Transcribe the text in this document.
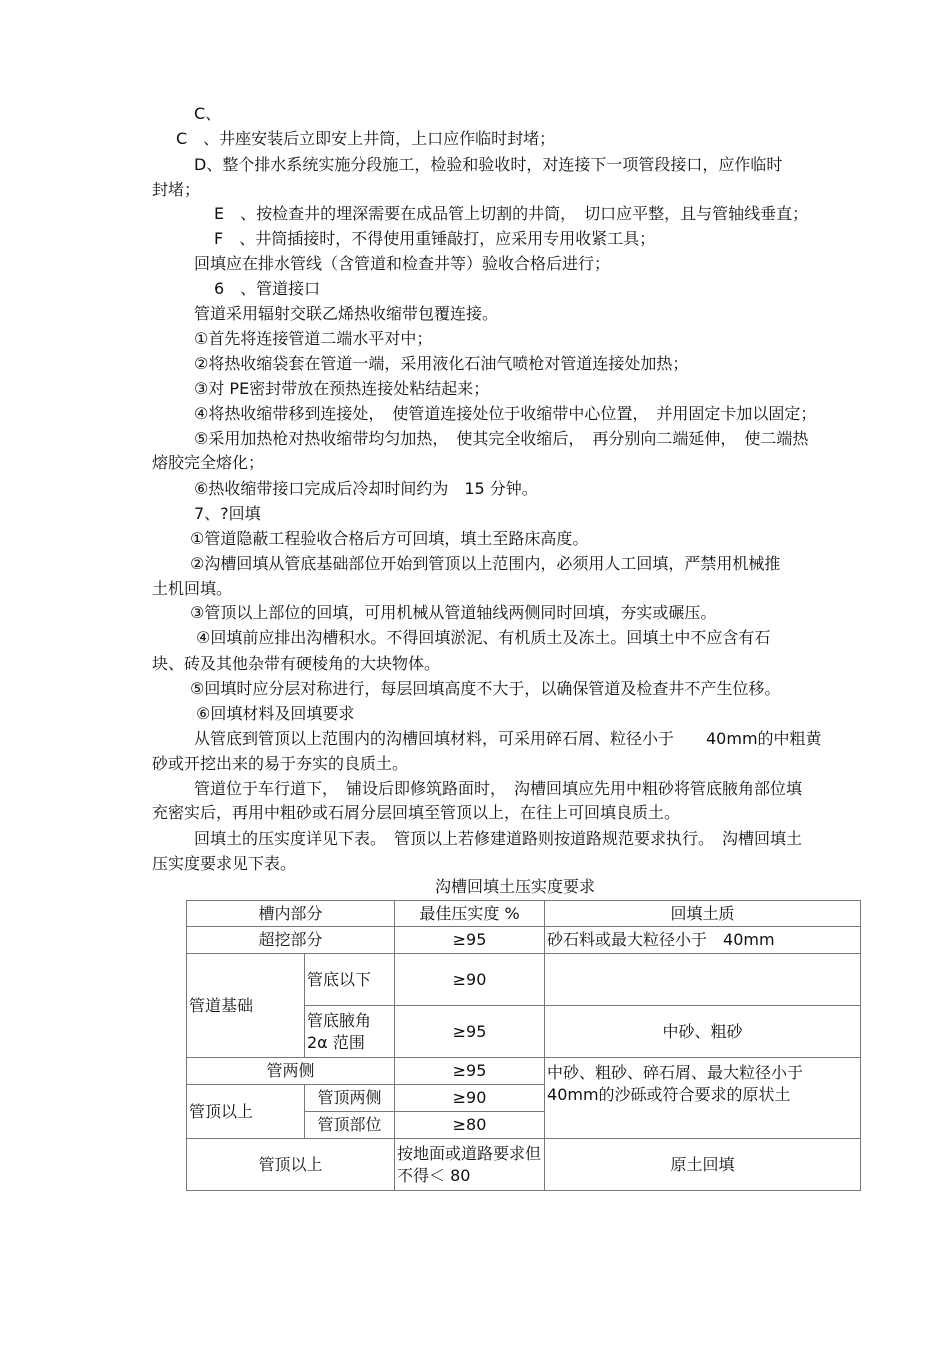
C、
C　、井座安装后立即安上井筒，上口应作临时封堵；
D、整个排水系统实施分段施工，检验和验收时，对连接下一项管段接口，应作临时
封堵；
E　、按检查井的埋深需要在成品管上切割的井筒，　切口应平整，且与管轴线垂直；
F　、井筒插接时，不得使用重锤敲打，应采用专用收紧工具；
回填应在排水管线（含管道和检查井等）验收合格后进行；
6　、管道接口
管道采用辐射交联乙烯热收缩带包覆连接。
①首先将连接管道二端水平对中；
②将热收缩袋套在管道一端，采用液化石油气喷枪对管道连接处加热；
③对 PE密封带放在预热连接处粘结起来；
④将热收缩带移到连接处，　使管道连接处位于收缩带中心位置，　并用固定卡加以固定；
⑤采用加热枪对热收缩带均匀加热，　使其完全收缩后，　再分别向二端延伸，　使二端热
熔胶完全熔化；
⑥热收缩带接口完成后冷却时间约为　15 分钟。
7、?回填
①管道隐蔽工程验收合格后方可回填，填土至路床高度。
②沟槽回填从管底基础部位开始到管顶以上范围内，必须用人工回填，严禁用机械推
土机回填。
③管顶以上部位的回填，可用机械从管道轴线两侧同时回填，夯实或碾压。
④回填前应排出沟槽积水。不得回填淤泥、有机质土及冻土。回填土中不应含有石
块、砖及其他杂带有硬棱角的大块物体。
⑤回填时应分层对称进行，每层回填高度不大于，以确保管道及检查井不产生位移。
⑥回填材料及回填要求
从管底到管顶以上范围内的沟槽回填材料，可采用碎石屑、粒径小于　　40mm的中粗黄
砂或开挖出来的易于夯实的良质土。
管道位于车行道下，　铺设后即修筑路面时，　沟槽回填应先用中粗砂将管底腋角部位填
充密实后，再用中粗砂或石屑分层回填至管顶以上，在往上可回填良质土。
回填土的压实度详见下表。　管顶以上若修建道路则按道路规范要求执行。　沟槽回填土
压实度要求见下表。
沟槽回填土压实度要求
槽内部分		最佳压实度 %	回填土质
超挖部分		≥95	砂石料或最大粒径小于　40mm
管道基础	管底以下	≥90	
	管底腋角 2α 范围	≥95	中砂、粗砂
管两侧		≥95	中砂、粗砂、碎石屑、最大粒径小于　40mm的沙砾或符合要求的原状土
管顶以上	管顶两侧	≥90	
	管顶部位	≥80	
管顶以上		按地面或道路要求但不得＜ 80	原土回填
